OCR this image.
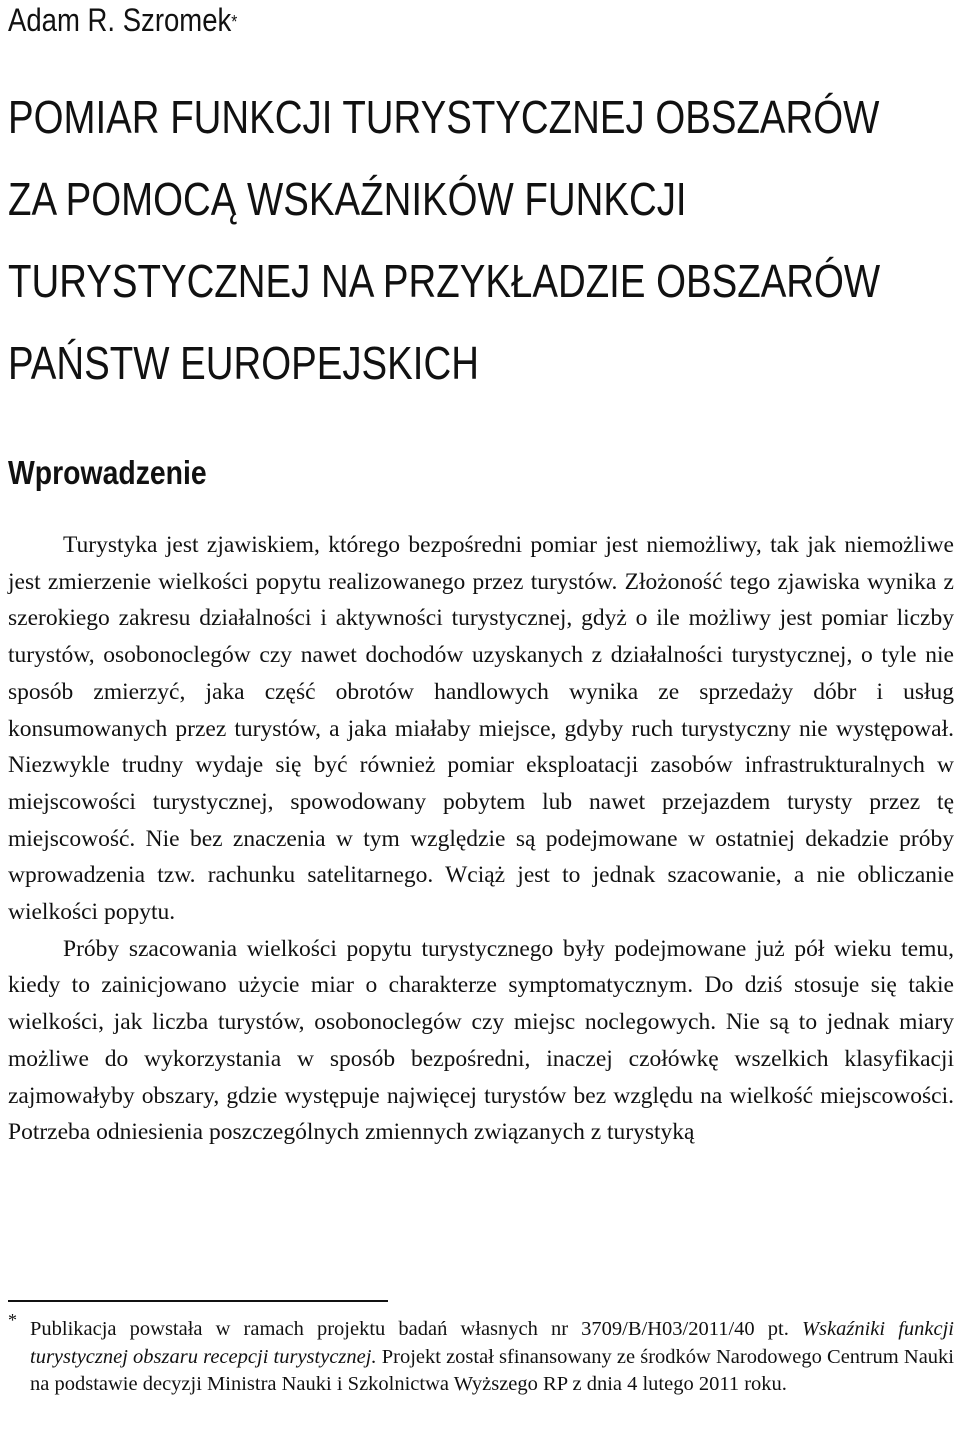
Adam R. Szromek*
POMIAR FUNKCJI TURYSTYCZNEJ OBSZARÓW
ZA POMOCĄ WSKAŹNIKÓW FUNKCJI
TURYSTYCZNEJ NA PRZYKŁADZIE OBSZARÓW
PAŃSTW EUROPEJSKICH
Wprowadzenie

Turystyka jest zjawiskiem, którego bezpośredni pomiar jest niemożliwy, tak jak niemożliwe jest zmierzenie wielkości popytu realizowanego przez turystów. Złożoność tego zjawiska wynika z szerokiego zakresu działalności i aktywności turystycznej, gdyż o ile możliwy jest pomiar liczby turystów, osobonoclegów czy nawet dochodów uzyskanych z działalności turystycznej, o tyle nie sposób zmierzyć, jaka część obrotów handlowych wynika ze sprzedaży dóbr i usług konsumowanych przez turystów, a jaka miałaby miejsce, gdyby ruch turystyczny nie występował. Niezwykle trudny wydaje się być również pomiar eksploatacji zasobów infrastrukturalnych w miejscowości turystycznej, spowodowany pobytem lub nawet przejazdem turysty przez tę miejscowość. Nie bez znaczenia w tym względzie są podejmowane w ostatniej dekadzie próby wprowadzenia tzw. rachunku satelitarnego. Wciąż jest to jednak szacowanie, a nie obliczanie wielkości popytu.

Próby szacowania wielkości popytu turystycznego były podejmowane już pół wieku temu, kiedy to zainicjowano użycie miar o charakterze symptomatycznym. Do dziś stosuje się takie wielkości, jak liczba turystów, osobonoclegów czy miejsc noclegowych. Nie są to jednak miary możliwe do wykorzystania w sposób bezpośredni, inaczej czołówkę wszelkich klasyfikacji zajmowałyby obszary, gdzie występuje najwięcej turystów bez względu na wielkość miejscowości. Potrzeba odniesienia poszczególnych zmiennych związanych z turystyką

* Publikacja powstała w ramach projektu badań własnych nr 3709/B/H03/2011/40 pt. Wskaźniki funkcji turystycznej obszaru recepcji turystycznej. Projekt został sfinansowany ze środków Narodowego Centrum Nauki na podstawie decyzji Ministra Nauki i Szkolnictwa Wyższego RP z dnia 4 lutego 2011 roku.
